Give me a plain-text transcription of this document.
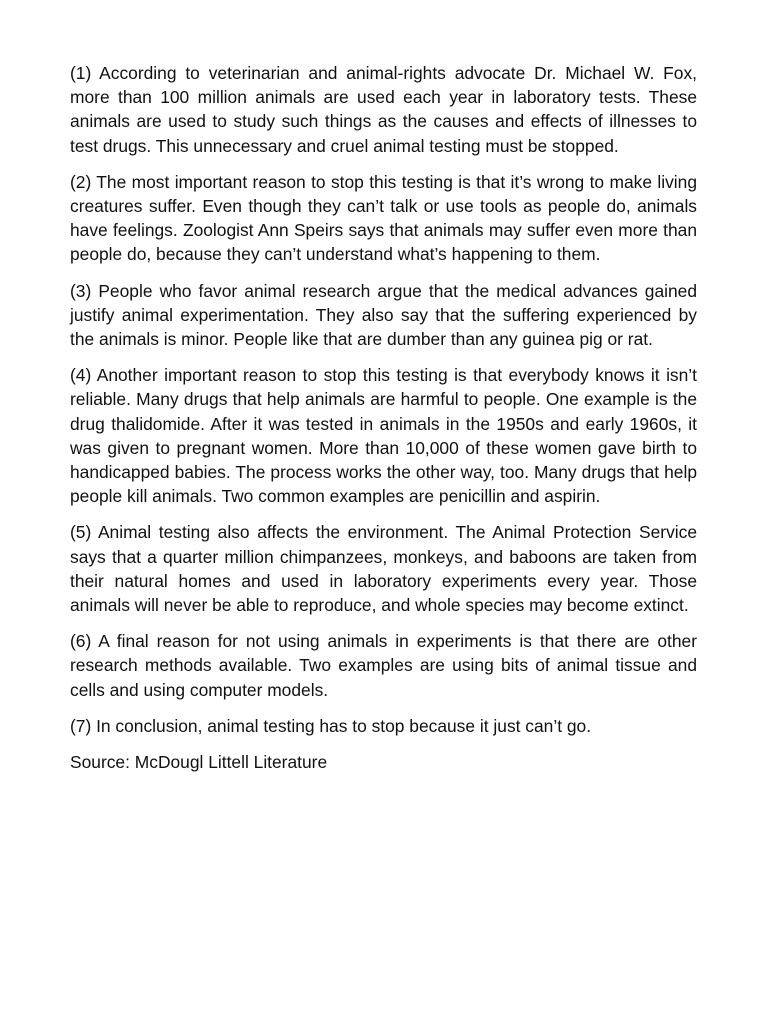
(1) According to veterinarian and animal-rights advocate Dr. Michael W. Fox, more than 100 million animals are used each year in laboratory tests. These animals are used to study such things as the causes and effects of illnesses to test drugs. This unnecessary and cruel animal testing must be stopped.

(2) The most important reason to stop this testing is that it’s wrong to make living creatures suffer. Even though they can’t talk or use tools as people do, animals have feelings. Zoologist Ann Speirs says that animals may suffer even more than people do, because they can’t understand what’s happening to them.

(3) People who favor animal research argue that the medical advances gained justify animal experimentation. They also say that the suffering experienced by the animals is minor. People like that are dumber than any guinea pig or rat.

(4) Another important reason to stop this testing is that everybody knows it isn’t reliable. Many drugs that help animals are harmful to people. One example is the drug thalidomide. After it was tested in animals in the 1950s and early 1960s, it was given to pregnant women. More than 10,000 of these women gave birth to handicapped babies. The process works the other way, too. Many drugs that help people kill animals. Two common examples are penicillin and aspirin.

(5) Animal testing also affects the environment. The Animal Protection Service says that a quarter million chimpanzees, monkeys, and baboons are taken from their natural homes and used in laboratory experiments every year. Those animals will never be able to reproduce, and whole species may become extinct.

(6) A final reason for not using animals in experiments is that there are other research methods available. Two examples are using bits of animal tissue and cells and using computer models.

(7) In conclusion, animal testing has to stop because it just can’t go.

Source: McDougl Littell Literature
